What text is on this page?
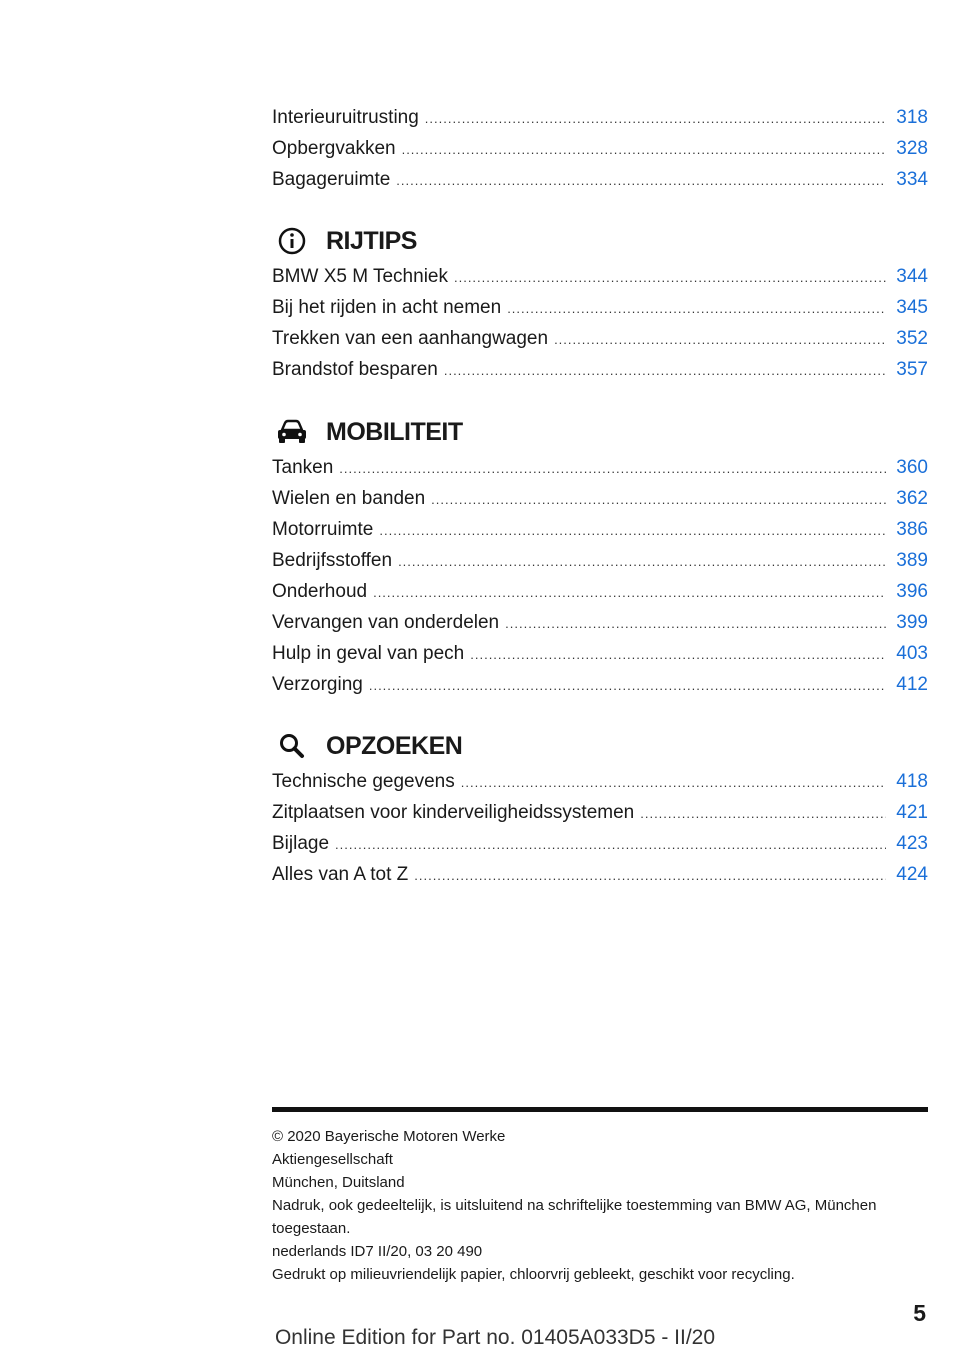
Interieuruitrusting .....	318
Opbergvakken .....	328
Bagageruimte .....	334
RIJTIPS
BMW X5 M Techniek .....	344
Bij het rijden in acht nemen .....	345
Trekken van een aanhangwagen .....	352
Brandstof besparen .....	357
MOBILITEIT
Tanken .....	360
Wielen en banden .....	362
Motorruimte .....	386
Bedrijfsstoffen .....	389
Onderhoud .....	396
Vervangen van onderdelen .....	399
Hulp in geval van pech .....	403
Verzorging .....	412
OPZOEKEN
Technische gegevens .....	418
Zitplaatsen voor kinderveiligheidssystemen .....	421
Bijlage .....	423
Alles van A tot Z .....	424

© 2020 Bayerische Motoren Werke

Aktiengesellschaft

München, Duitsland

Nadruk, ook gedeeltelijk, is uitsluitend na schriftelijke toestemming van BMW AG, München

toegestaan.

nederlands ID7 II/20, 03 20 490

Gedrukt op milieuvriendelijk papier, chloorvrij gebleekt, geschikt voor recycling.

5
Online Edition for Part no. 01405A033D5 - II/20
